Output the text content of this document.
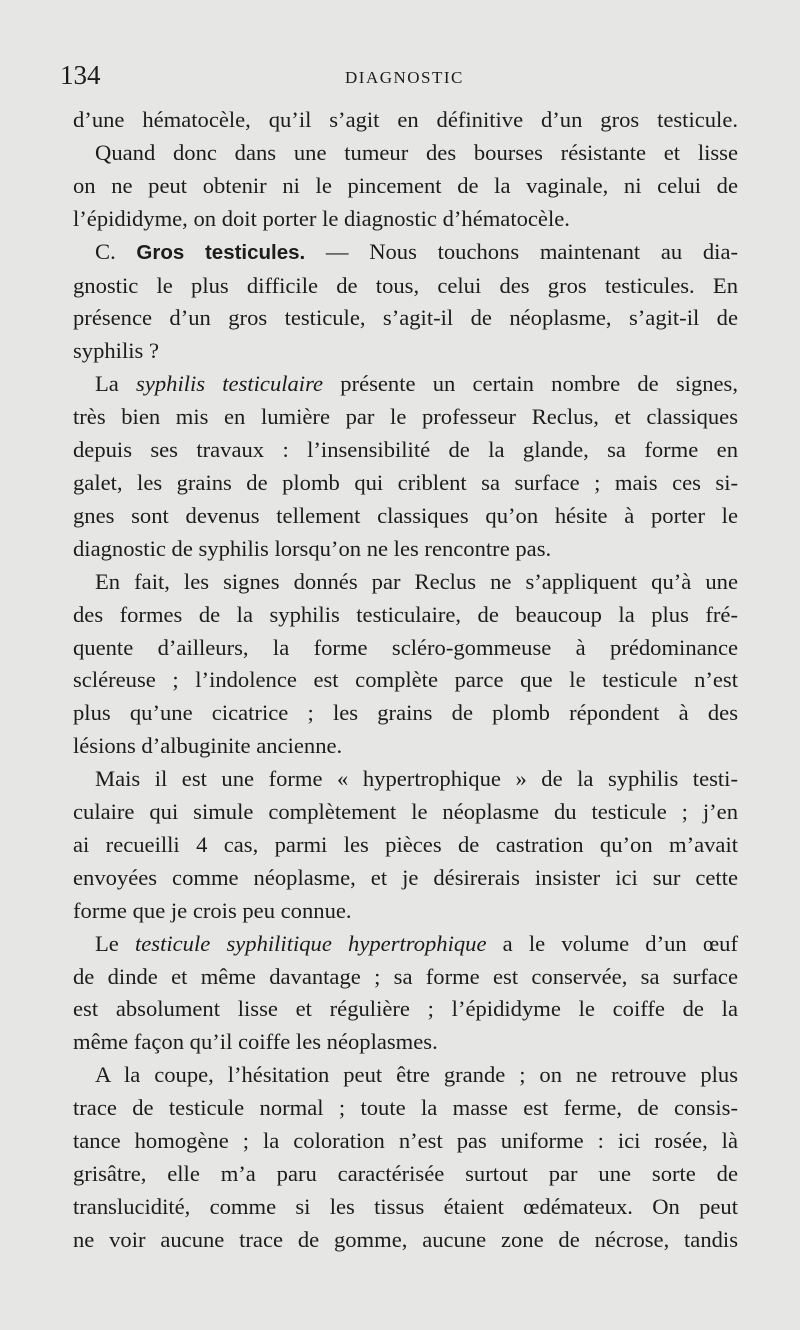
134	DIAGNOSTIC
d’une hématocèle, qu’il s’agit en définitive d’un gros testicule.
Quand donc dans une tumeur des bourses résistante et lisse
on ne peut obtenir ni le pincement de la vaginale, ni celui de
l’épididyme, on doit porter le diagnostic d’hématocèle.
C. Gros testicules. — Nous touchons maintenant au dia-
gnostic le plus difficile de tous, celui des gros testicules. En
présence d’un gros testicule, s’agit-il de néoplasme, s’agit-il de
syphilis ?
La syphilis testiculaire présente un certain nombre de signes,
très bien mis en lumière par le professeur Reclus, et classiques
depuis ses travaux : l’insensibilité de la glande, sa forme en
galet, les grains de plomb qui criblent sa surface ; mais ces si-
gnes sont devenus tellement classiques qu’on hésite à porter le
diagnostic de syphilis lorsqu’on ne les rencontre pas.
En fait, les signes donnés par Reclus ne s’appliquent qu’à une
des formes de la syphilis testiculaire, de beaucoup la plus fré-
quente d’ailleurs, la forme scléro-gommeuse à prédominance
scléreuse ; l’indolence est complète parce que le testicule n’est
plus qu’une cicatrice ; les grains de plomb répondent à des
lésions d’albuginite ancienne.
Mais il est une forme « hypertrophique » de la syphilis testi-
culaire qui simule complètement le néoplasme du testicule ; j’en
ai recueilli 4 cas, parmi les pièces de castration qu’on m’avait
envoyées comme néoplasme, et je désirerais insister ici sur cette
forme que je crois peu connue.
Le testicule syphilitique hypertrophique a le volume d’un œuf
de dinde et même davantage ; sa forme est conservée, sa surface
est absolument lisse et régulière ; l’épididyme le coiffe de la
même façon qu’il coiffe les néoplasmes.
A la coupe, l’hésitation peut être grande ; on ne retrouve plus
trace de testicule normal ; toute la masse est ferme, de consis-
tance homogène ; la coloration n’est pas uniforme : ici rosée, là
grisâtre, elle m’a paru caractérisée surtout par une sorte de
translucidité, comme si les tissus étaient œdémateux. On peut
ne voir aucune trace de gomme, aucune zone de nécrose, tandis
